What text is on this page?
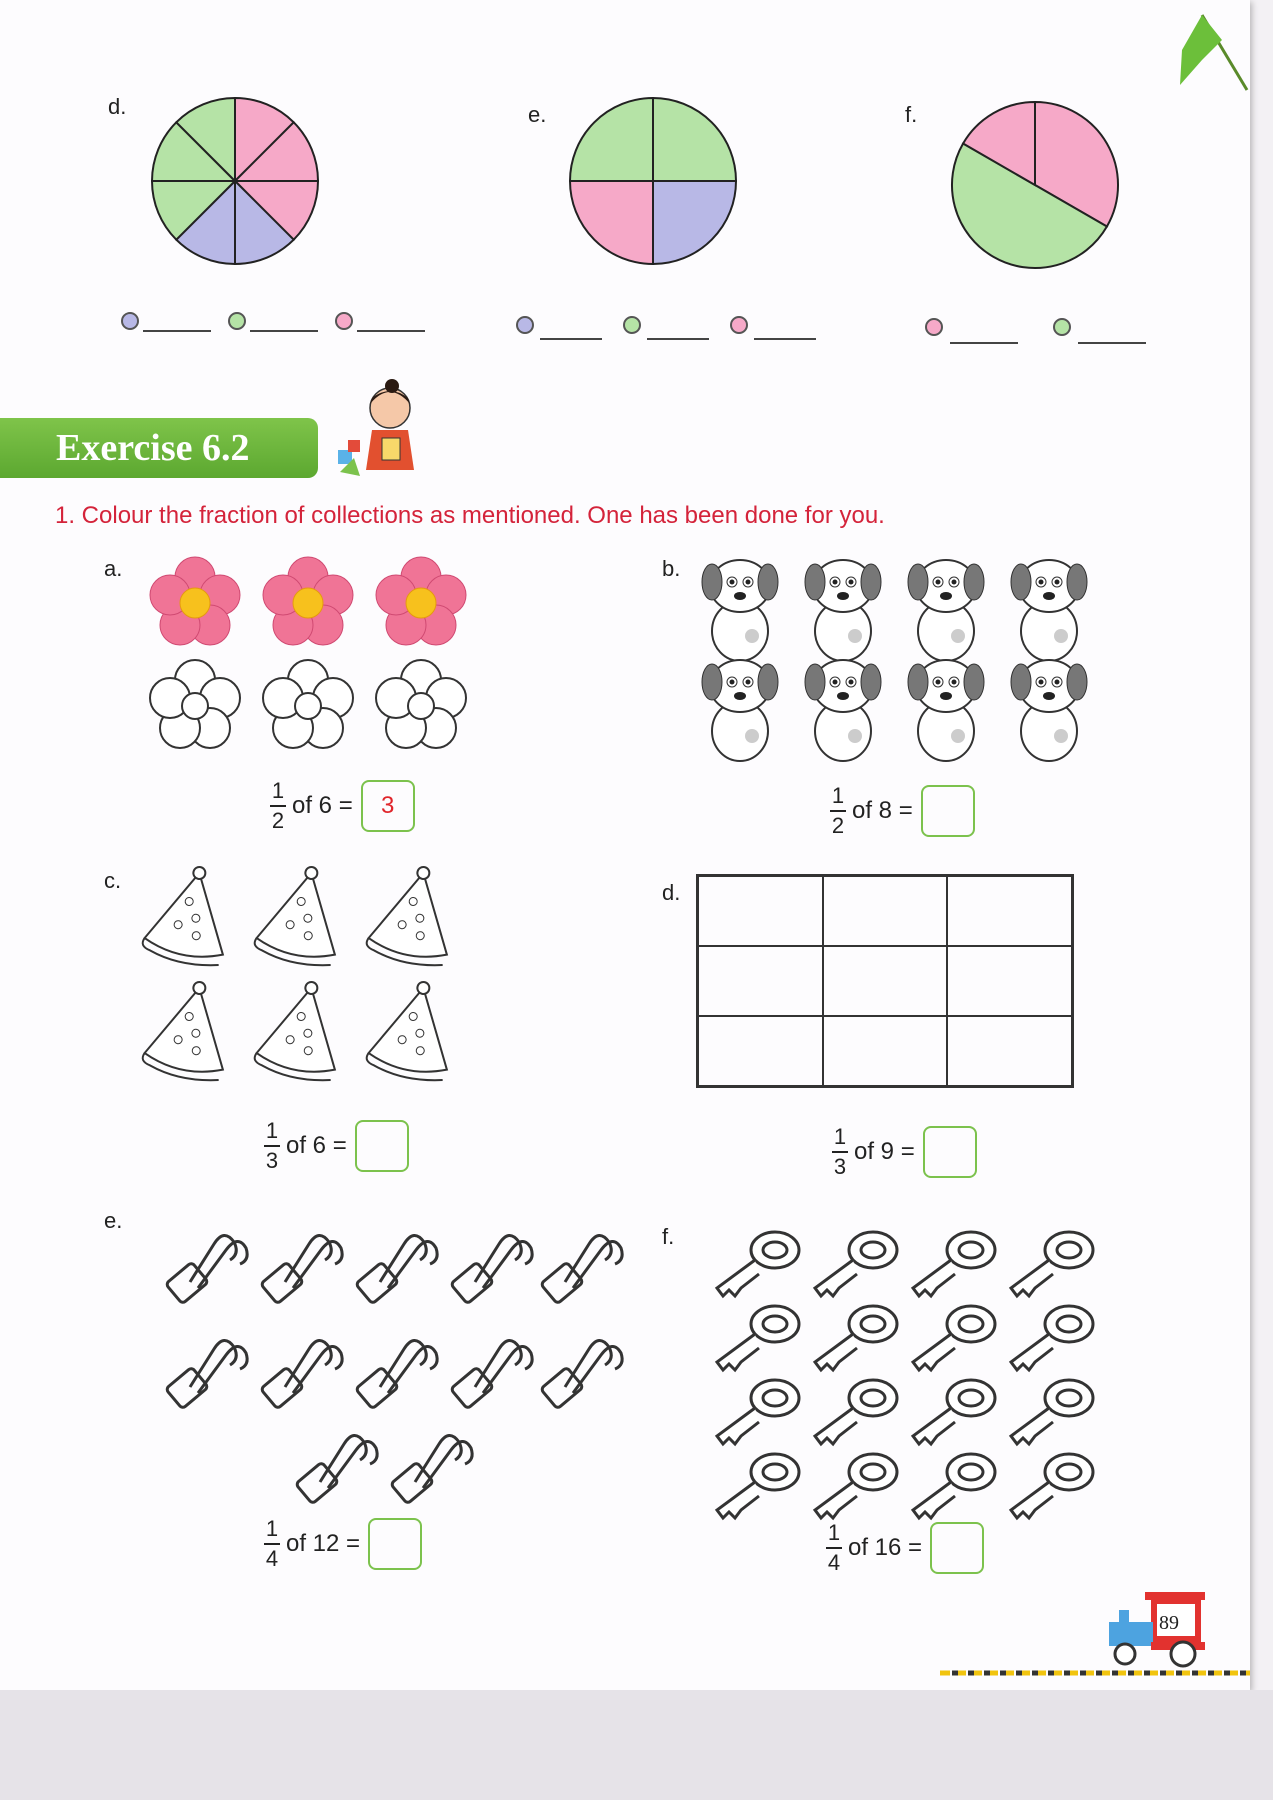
d.	e.	f.
Exercise 6.2
1. Colour the fraction of collections as mentioned. One has been done for you.
a.
1
2
of 6 =	3
b.
1
2
of 8 =
c.
1
3
of 6 =
d.
1
3
of 9 =
e.
1
4
of 12 =
f.
1
4
of 16 =
89
